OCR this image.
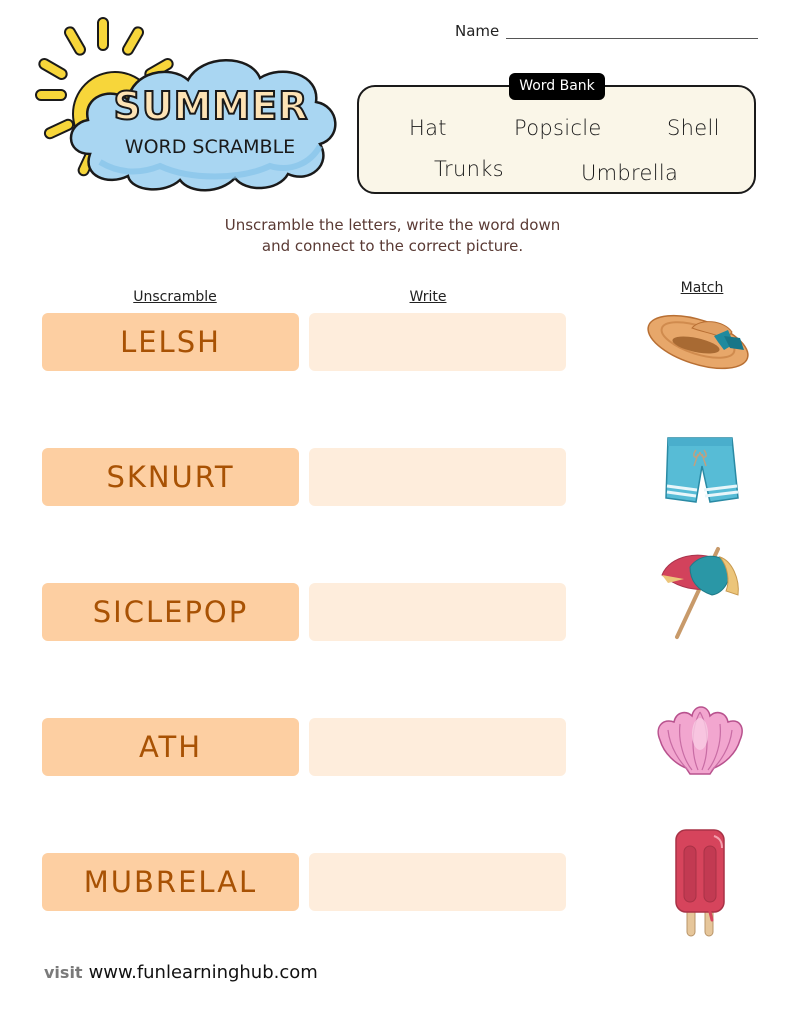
SUMMER
WORD SCRAMBLE
Name
Word Bank
Hat	Popsicle	Shell
Trunks	Umbrella
Unscramble the letters, write the word down
and connect to the correct picture.
Unscramble	Write
Match
LELSH
SKNURT
SICLEPOP
ATH
MUBRELAL
visit www.funlearninghub.com
